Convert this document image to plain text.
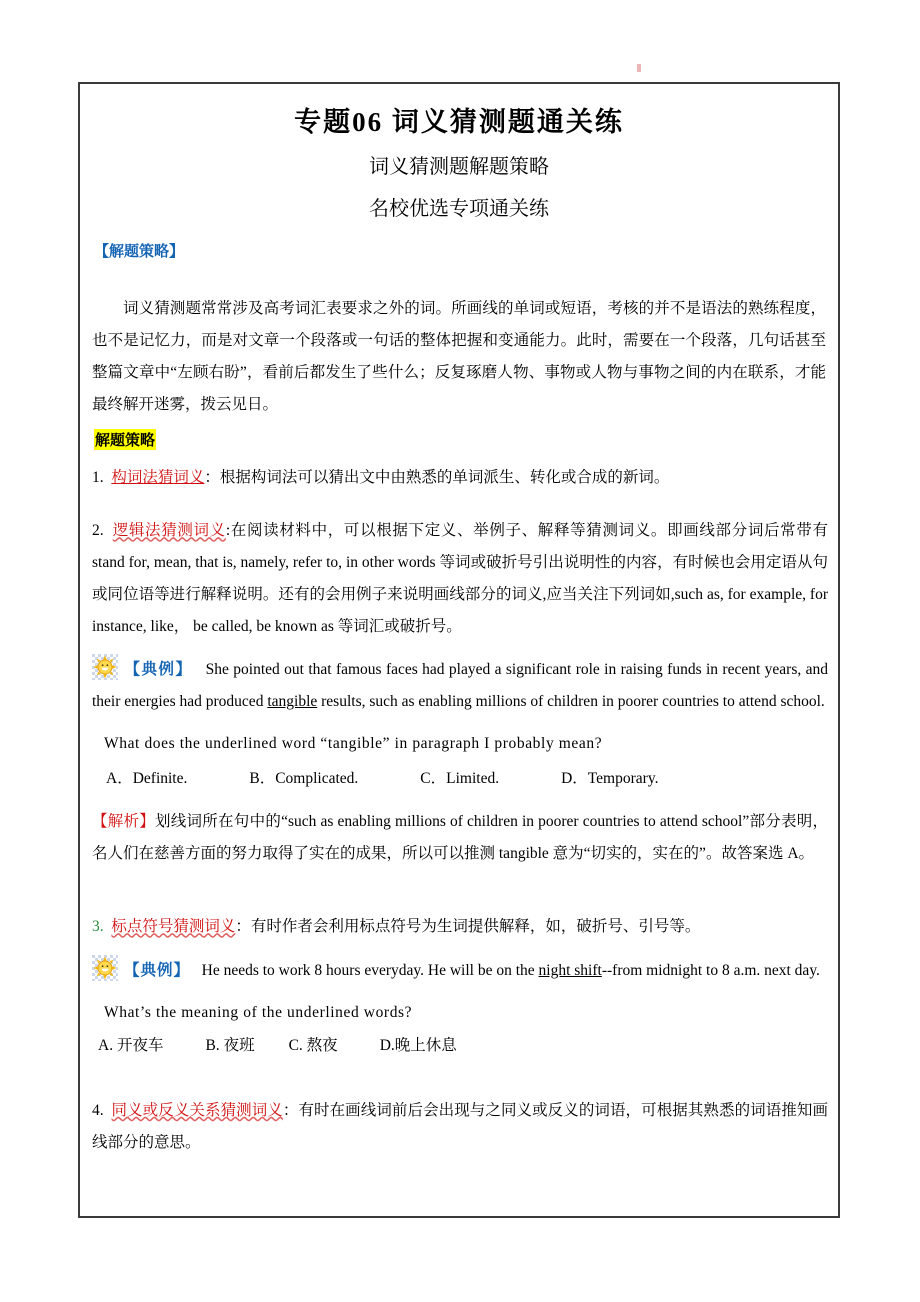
专题06 词义猜测题通关练
词义猜测题解题策略
名校优选专项通关练
【解题策略】
词义猜测题常常涉及高考词汇表要求之外的词。所画线的单词或短语，考核的并不是语法的熟练程度，也不是记忆力，而是对文章一个段落或一句话的整体把握和变通能力。此时，需要在一个段落，几句话甚至整篇文章中“左顾右盼”，看前后都发生了些什么；反复琢磨人物、事物或人物与事物之间的内在联系，才能最终解开迷雾，拨云见日。
解题策略
1. 构词法猜词义：根据构词法可以猜出文中由熟悉的单词派生、转化或合成的新词。
2. 逻辑法猜测词义:在阅读材料中，可以根据下定义、举例子、解释等猜测词义。即画线部分词后常带有stand for, mean, that is, namely, refer to, in other words 等词或破折号引出说明性的内容，有时候也会用定语从句或同位语等进行解释说明。还有的会用例子来说明画线部分的词义,应当关注下列词如,such as, for example, for instance, like， be called, be known as 等词汇或破折号。
【典例】 She pointed out that famous faces had played a significant role in raising funds in recent years, and their energies had produced tangible results, such as enabling millions of children in poorer countries to attend school.
What does the underlined word “tangible” in paragraph I probably mean?
A．Definite.	B．Complicated.	C．Limited.	D．Temporary.
【解析】划线词所在句中的“such as enabling millions of children in poorer countries to attend school”部分表明，名人们在慈善方面的努力取得了实在的成果，所以可以推测 tangible 意为“切实的，实在的”。故答案选 A。
3. 标点符号猜测词义：有时作者会利用标点符号为生词提供解释，如，破折号、引号等。
【典例】 He needs to work 8 hours everyday. He will be on the night shift--from midnight to 8 a.m. next day.
What’s the meaning of the underlined words?
A. 开夜车	B. 夜班 C. 熬夜	D.晚上休息
4. 同义或反义关系猜测词义：有时在画线词前后会出现与之同义或反义的词语，可根据其熟悉的词语推知画线部分的意思。
